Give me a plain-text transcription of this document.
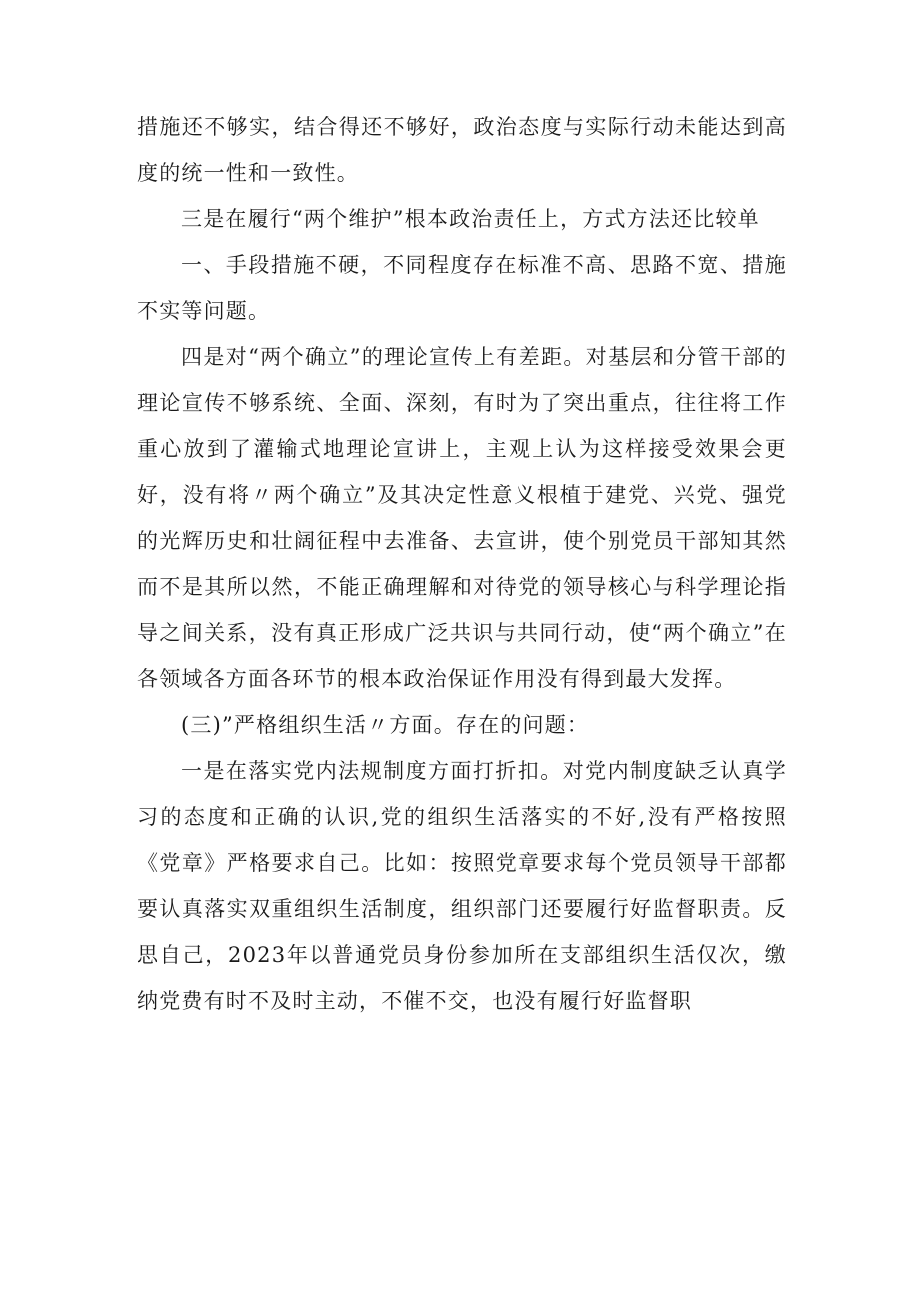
措施还不够实，结合得还不够好，政治态度与实际行动未能达到高度的统一性和一致性。

三是在履行“两个维护”根本政治责任上，方式方法还比较单

一、手段措施不硬，不同程度存在标准不高、思路不宽、措施不实等问题。

四是对“两个确立”的理论宣传上有差距。对基层和分管干部的理论宣传不够系统、全面、深刻，有时为了突出重点，往往将工作重心放到了灌输式地理论宣讲上，主观上认为这样接受效果会更好，没有将〃两个确立”及其决定性意义根植于建党、兴党、强党的光辉历史和壮阔征程中去准备、去宣讲，使个别党员干部知其然而不是其所以然，不能正确理解和对待党的领导核心与科学理论指导之间关系，没有真正形成广泛共识与共同行动，使“两个确立”在各领域各方面各环节的根本政治保证作用没有得到最大发挥。

(三)”严格组织生活〃方面。存在的问题：

一是在落实党内法规制度方面打折扣。对党内制度缺乏认真学习的态度和正确的认识,党的组织生活落实的不好,没有严格按照《党章》严格要求自己。比如：按照党章要求每个党员领导干部都要认真落实双重组织生活制度，组织部门还要履行好监督职责。反思自己，2023年以普通党员身份参加所在支部组织生活仅次，缴纳党费有时不及时主动，不催不交，也没有履行好监督职
